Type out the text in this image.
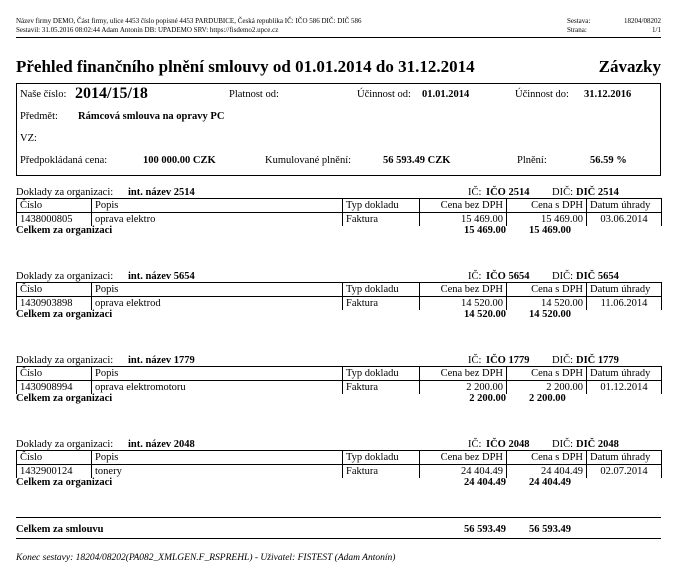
Název firmy DEMO, Část firmy, ulice 4453 číslo popisné 4453 PARDUBICE, Česká republika IČ: IČO 586 DIČ: DIČ 586
Sestavil: 31.05.2016 08:02:44 Adam Antonín DB: UPADEMO SRV: https://fisdemo2.upce.cz
Sestava:	18204/08202
Strana:	1/1
Přehled finančního plnění smlouvy od 01.01.2014 do 31.12.2014	Závazky
Naše číslo: 2014/15/18	Platnost od:	Účinnost od: 01.01.2014	Účinnost do: 31.12.2016
Předmět: Rámcová smlouva na opravy PC
VZ:
Předpokládaná cena:	100 000.00 CZK	Kumulované plnění:	56 593.49 CZK	Plnění:	56.59 %
Doklady za organizaci: int. název 2514	IČ: IČO 2514 DIČ: DIČ 2514
Číslo	Popis	Typ dokladu	Cena bez DPH	Cena s DPH	Datum úhrady
1438000805	oprava elektro	Faktura	15 469.00	15 469.00	03.06.2014
Celkem za organizaci	15 469.00 15 469.00
Doklady za organizaci: int. název 5654	IČ: IČO 5654 DIČ: DIČ 5654
Číslo	Popis	Typ dokladu	Cena bez DPH	Cena s DPH	Datum úhrady
1430903898	oprava elektrod	Faktura	14 520.00	14 520.00	11.06.2014
Celkem za organizaci	14 520.00 14 520.00
Doklady za organizaci: int. název 1779	IČ: IČO 1779 DIČ: DIČ 1779
Číslo	Popis	Typ dokladu	Cena bez DPH	Cena s DPH	Datum úhrady
1430908994	oprava elektromotoru	Faktura	2 200.00	2 200.00	01.12.2014
Celkem za organizaci	2 200.00 2 200.00
Doklady za organizaci: int. název 2048	IČ: IČO 2048 DIČ: DIČ 2048
Číslo	Popis	Typ dokladu	Cena bez DPH	Cena s DPH	Datum úhrady
1432900124	tonery	Faktura	24 404.49	24 404.49	02.07.2014
Celkem za organizaci	24 404.49 24 404.49
Celkem za smlouvu	56 593.49 56 593.49
Konec sestavy: 18204/08202(PA082_XMLGEN.F_RSPREHL) - Uživatel: FISTEST (Adam Antonín)
